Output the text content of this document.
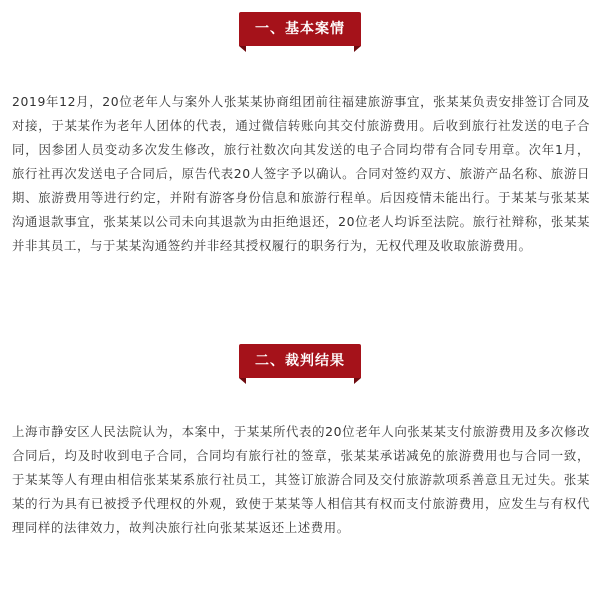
一、基本案情

2019年12月，20位老年人与案外人张某某协商组团前往福建旅游事宜，张某某负责安排签订合同及对接，于某某作为老年人团体的代表，通过微信转账向其交付旅游费用。后收到旅行社发送的电子合同，因参团人员变动多次发生修改，旅行社数次向其发送的电子合同均带有合同专用章。次年1月，旅行社再次发送电子合同后，原告代表20人签字予以确认。合同对签约双方、旅游产品名称、旅游日期、旅游费用等进行约定，并附有游客身份信息和旅游行程单。后因疫情未能出行。于某某与张某某沟通退款事宜，张某某以公司未向其退款为由拒绝退还，20位老人均诉至法院。旅行社辩称，张某某并非其员工，与于某某沟通签约并非经其授权履行的职务行为，无权代理及收取旅游费用。

二、裁判结果

上海市静安区人民法院认为，本案中，于某某所代表的20位老年人向张某某支付旅游费用及多次修改合同后，均及时收到电子合同，合同均有旅行社的签章，张某某承诺减免的旅游费用也与合同一致，于某某等人有理由相信张某某系旅行社员工，其签订旅游合同及交付旅游款项系善意且无过失。张某某的行为具有已被授予代理权的外观，致使于某某等人相信其有权而支付旅游费用，应发生与有权代理同样的法律效力，故判决旅行社向张某某返还上述费用。
